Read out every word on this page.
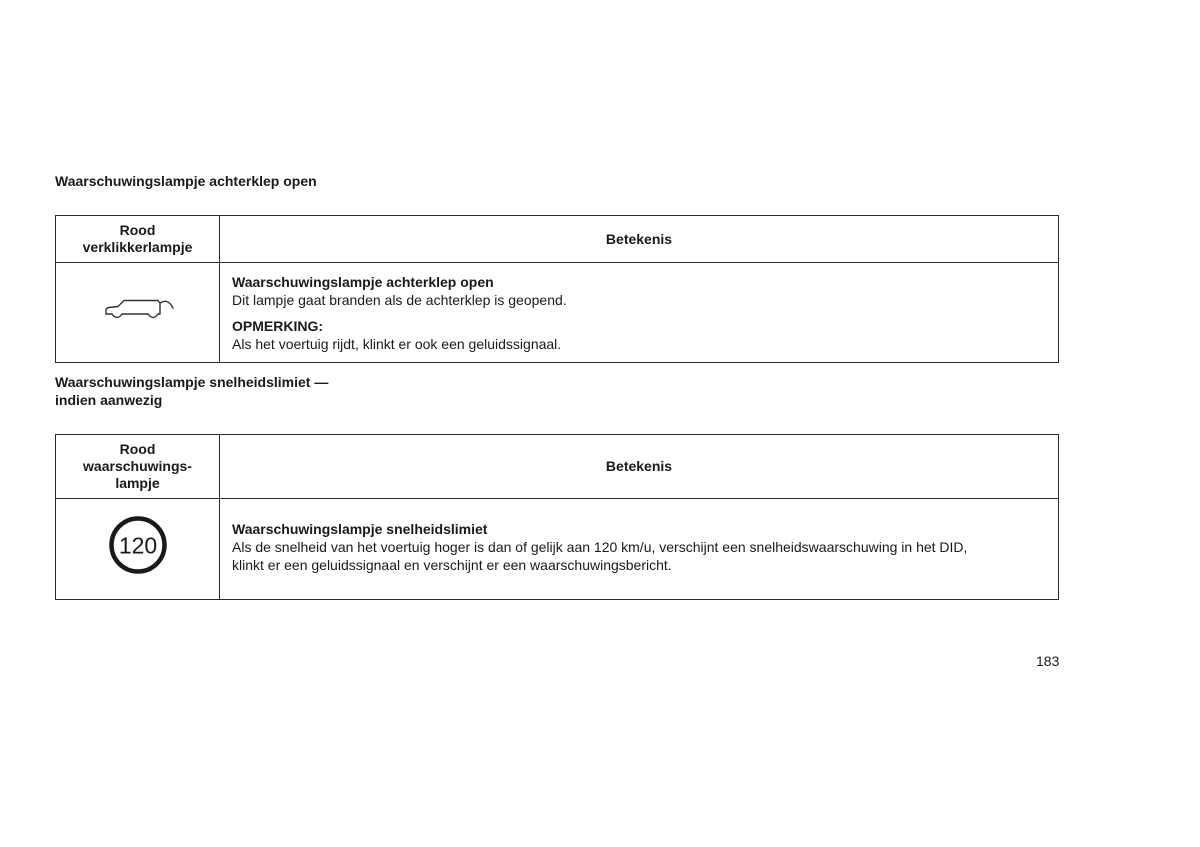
Waarschuwingslampje achterklep open
Rood
verklikkerlampje
Betekenis
Waarschuwingslampje achterklep open
Dit lampje gaat branden als de achterklep is geopend.
OPMERKING:
Als het voertuig rijdt, klinkt er ook een geluidssignaal.
Waarschuwingslampje snelheidslimiet —
indien aanwezig
Rood
waarschuwings-
lampje
Betekenis
120
Waarschuwingslampje snelheidslimiet
Als de snelheid van het voertuig hoger is dan of gelijk aan 120 km/u, verschijnt een snelheidswaarschuwing in het DID,
klinkt er een geluidssignaal en verschijnt er een waarschuwingsbericht.
183
